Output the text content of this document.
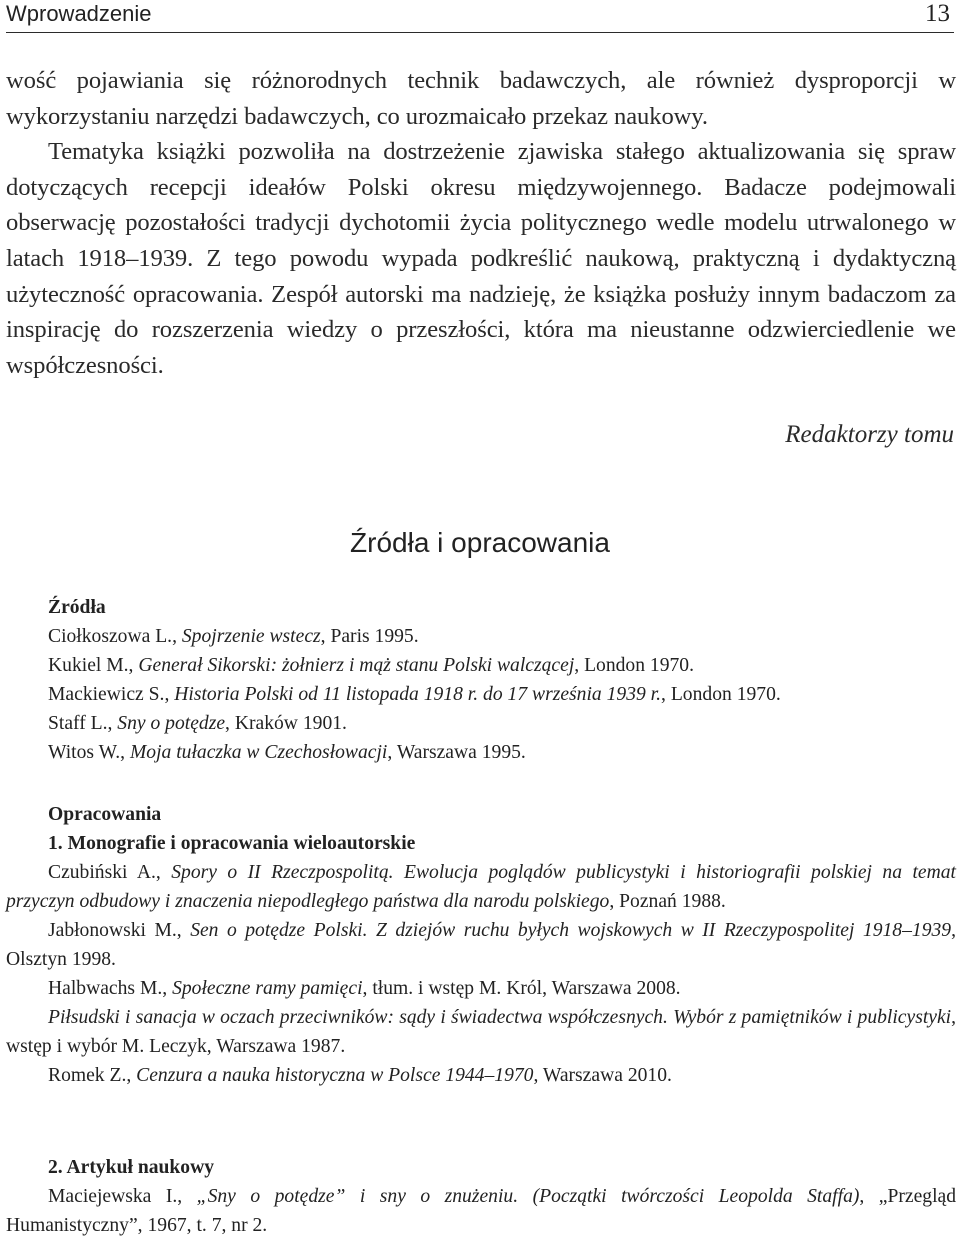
Wprowadzenie	13

wość pojawiania się różnorodnych technik badawczych, ale również dysproporcji w wykorzystaniu narzędzi badawczych, co urozmaicało przekaz naukowy.

Tematyka książki pozwoliła na dostrzeżenie zjawiska stałego aktualizowania się spraw dotyczących recepcji ideałów Polski okresu międzywojennego. Badacze podejmowali obserwację pozostałości tradycji dychotomii życia politycznego wedle modelu utrwalonego w latach 1918–1939. Z tego powodu wypada podkreślić naukową, praktyczną i dydaktyczną użyteczność opracowania. Zespół autorski ma nadzieję, że książka posłuży innym badaczom za inspirację do rozszerzenia wiedzy o przeszłości, która ma nieustanne odzwierciedlenie we współczesności.

Redaktorzy tomu
Źródła i opracowania
Źródła
Ciołkoszowa L., Spojrzenie wstecz, Paris 1995.
Kukiel M., Generał Sikorski: żołnierz i mąż stanu Polski walczącej, London 1970.
Mackiewicz S., Historia Polski od 11 listopada 1918 r. do 17 września 1939 r., London 1970.
Staff L., Sny o potędze, Kraków 1901.
Witos W., Moja tułaczka w Czechosłowacji, Warszawa 1995.
Opracowania
1. Monografie i opracowania wieloautorskie
Czubiński A., Spory o II Rzeczpospolitą. Ewolucja poglądów publicystyki i historiografii polskiej na temat przyczyn odbudowy i znaczenia niepodległego państwa dla narodu polskiego, Poznań 1988.
Jabłonowski M., Sen o potędze Polski. Z dziejów ruchu byłych wojskowych w II Rzeczypospolitej 1918–1939, Olsztyn 1998.
Halbwachs M., Społeczne ramy pamięci, tłum. i wstęp M. Król, Warszawa 2008.
Piłsudski i sanacja w oczach przeciwników: sądy i świadectwa współczesnych. Wybór z pamiętników i publicystyki, wstęp i wybór M. Leczyk, Warszawa 1987.
Romek Z., Cenzura a nauka historyczna w Polsce 1944–1970, Warszawa 2010.
2. Artykuł naukowy
Maciejewska I., „Sny o potędze” i sny o znużeniu. (Początki twórczości Leopolda Staffa), „Przegląd Humanistyczny”, 1967, t. 7, nr 2.
